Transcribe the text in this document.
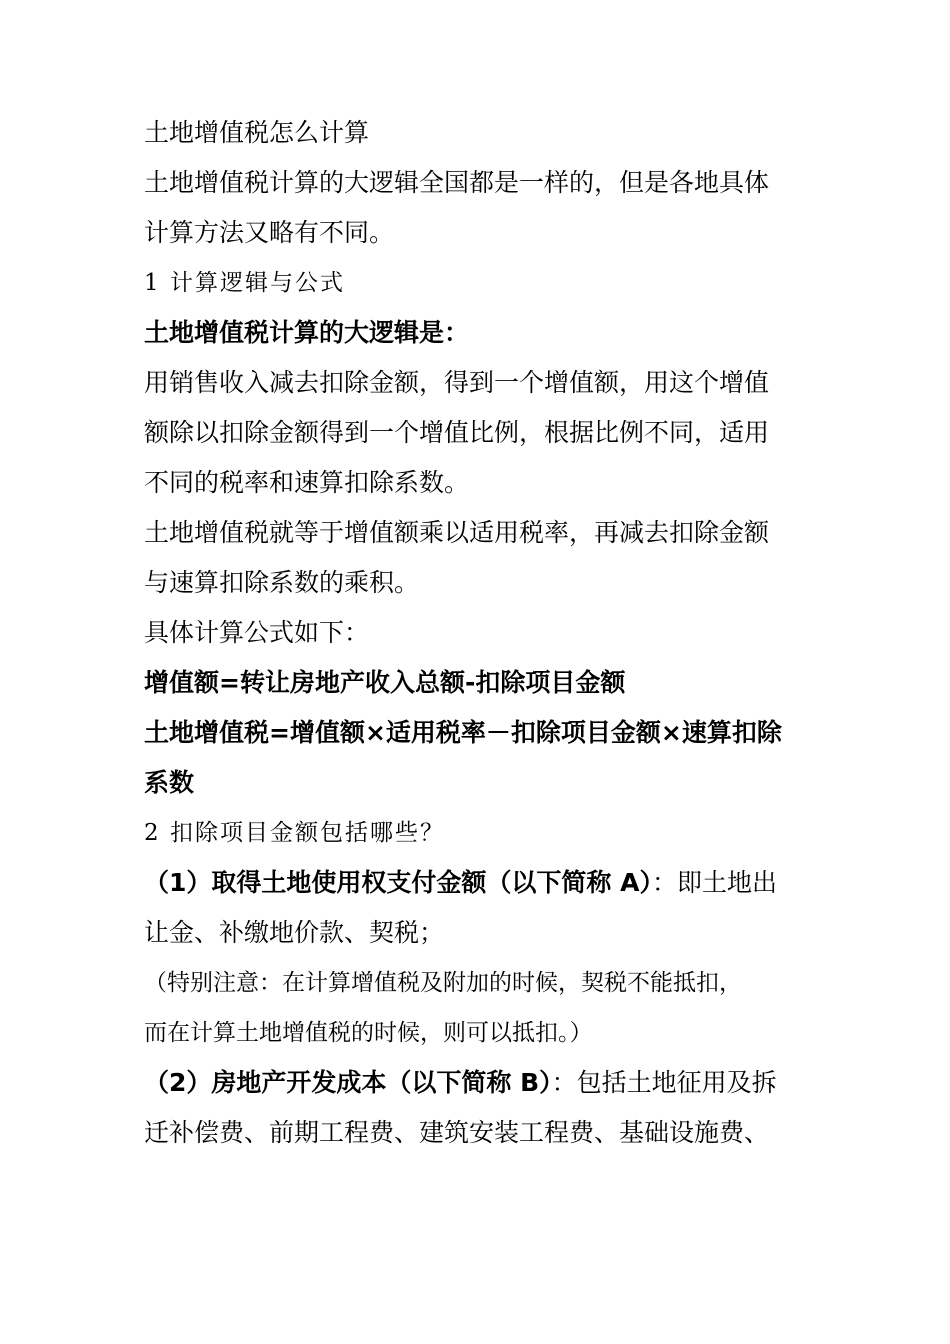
土地增值税怎么计算

土地增值税计算的大逻辑全国都是一样的，但是各地具体

计算方法又略有不同。

1 计算逻辑与公式

土地增值税计算的大逻辑是：

用销售收入减去扣除金额，得到一个增值额，用这个增值

额除以扣除金额得到一个增值比例，根据比例不同，适用

不同的税率和速算扣除系数。

土地增值税就等于增值额乘以适用税率，再减去扣除金额

与速算扣除系数的乘积。

具体计算公式如下：

增值额=转让房地产收入总额-扣除项目金额

土地增值税=增值额×适用税率－扣除项目金额×速算扣除

系数

2 扣除项目金额包括哪些？

（1）取得土地使用权支付金额（以下简称 A）：即土地出

让金、补缴地价款、契税；

（特别注意：在计算增值税及附加的时候，契税不能抵扣，

而在计算土地增值税的时候，则可以抵扣。）

（2）房地产开发成本（以下简称 B）：包括土地征用及拆

迁补偿费、前期工程费、建筑安装工程费、基础设施费、
